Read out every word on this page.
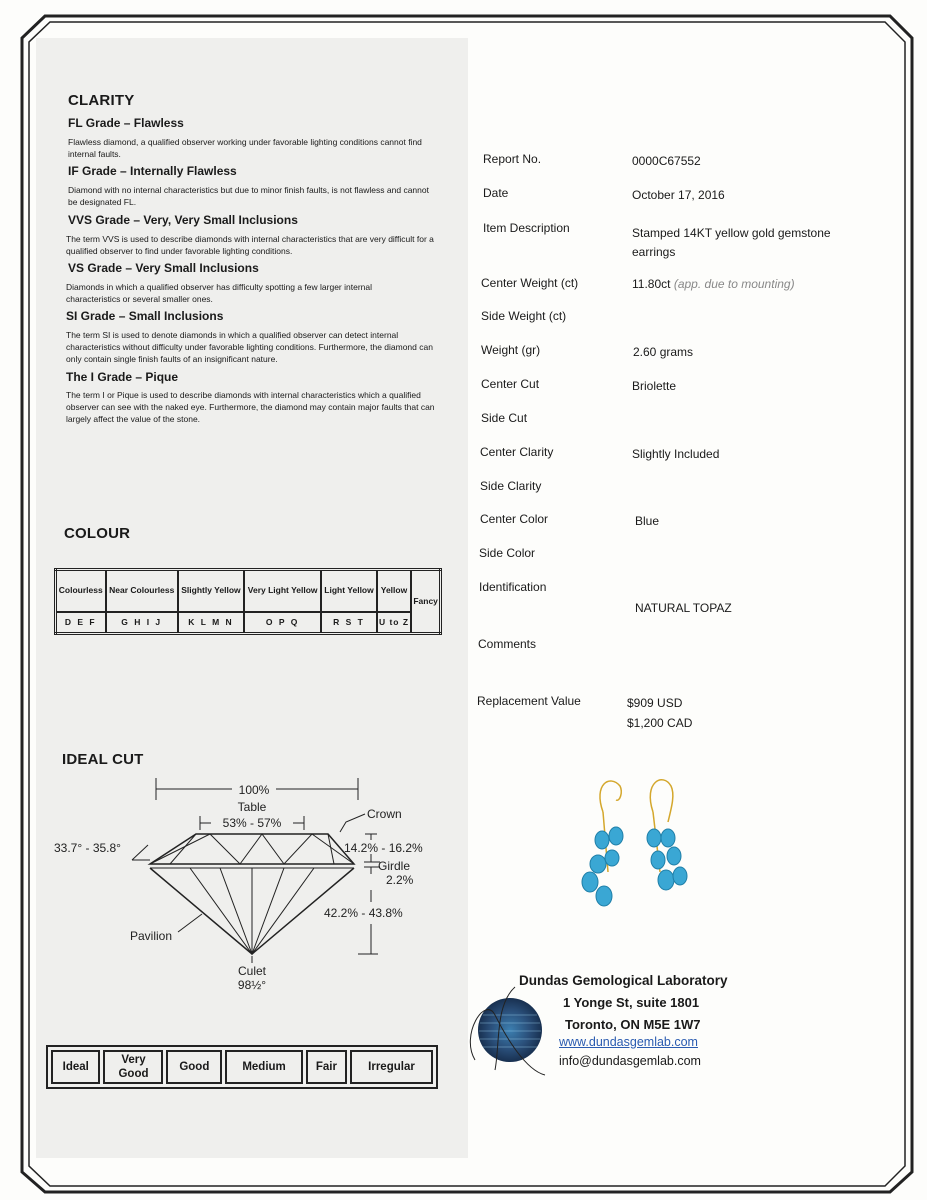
CLARITY
FL Grade – Flawless
Flawless diamond, a qualified observer working under favorable lighting conditions cannot find internal faults.
IF Grade – Internally Flawless
Diamond with no internal characteristics but due to minor finish faults, is not flawless and cannot be designated FL.
VVS Grade – Very, Very Small Inclusions
The term VVS is used to describe diamonds with internal characteristics that are very difficult for a qualified observer to find under favorable lighting conditions.
VS Grade – Very Small Inclusions
Diamonds in which a qualified observer has difficulty spotting a few larger internal characteristics or several smaller ones.
SI Grade – Small Inclusions
The term SI is used to denote diamonds in which a qualified observer can detect internal characteristics without difficulty under favorable lighting conditions. Furthermore, the diamond can only contain single finish faults of an insignificant nature.
The I Grade – Pique
The term I or Pique is used to describe diamonds with internal characteristics which a qualified observer can see with the naked eye. Furthermore, the diamond may contain major faults that can largely affect the value of the stone.
COLOUR
Colourless	Near Colourless	Slightly Yellow	Very Light Yellow	Light Yellow	Yellow	Fancy
D E F	G H I J	K L M N	O P Q	R S T	U to Z	
IDEAL CUT
100%
Table
53% - 57%
Crown
33.7° - 35.8°	14.2% - 16.2%
Girdle
2.2%
42.2% - 43.8%
Pavilion
Culet
98½°
Ideal	Very Good	Good	Medium	Fair	Irregular
Report No.	0000C67552
Date	October 17, 2016
Item Description	Stamped 14KT yellow gold gemstone earrings
Center Weight (ct)	11.80ct (app. due to mounting)
Side Weight (ct)
Weight (gr)	2.60 grams
Center Cut	Briolette
Side Cut
Center Clarity	Slightly Included
Side Clarity
Center Color	Blue
Side Color
Identification
NATURAL TOPAZ
Comments
Replacement Value	$909 USD
$1,200 CAD
Dundas Gemological Laboratory
1 Yonge St, suite 1801
Toronto, ON M5E 1W7
www.dundasgemlab.com
info@dundasgemlab.com
